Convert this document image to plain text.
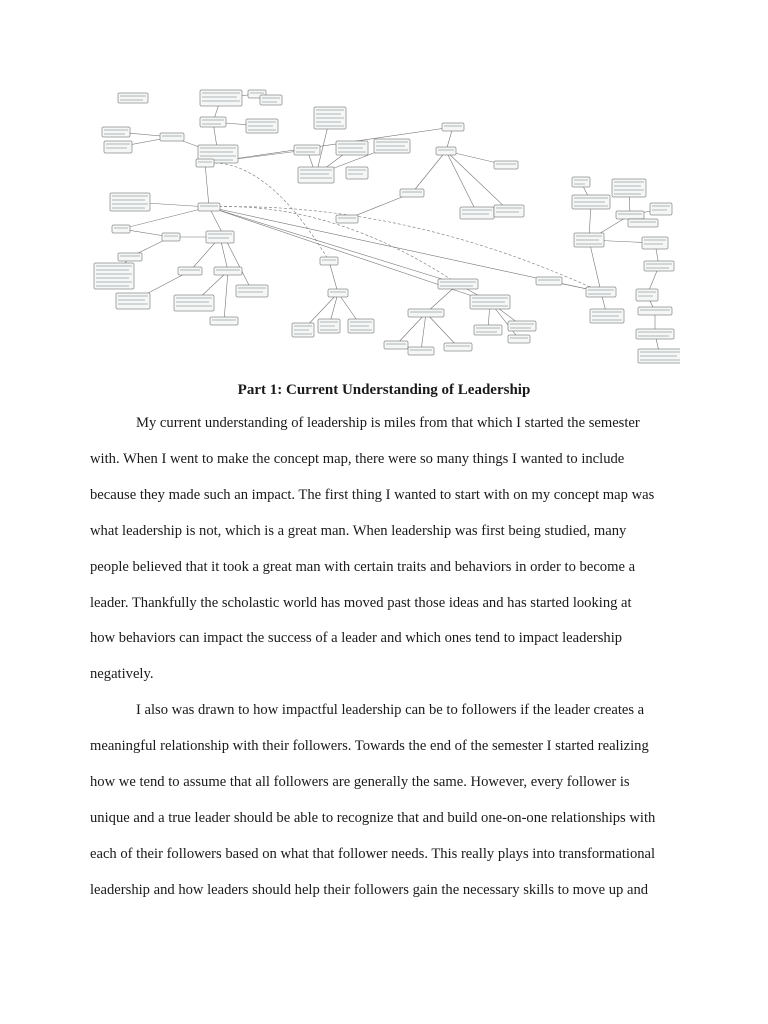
Part 1: Current Understanding of Leadership

My current understanding of leadership is miles from that which I started the semester
with. When I went to make the concept map, there were so many things I wanted to include
because they made such an impact. The first thing I wanted to start with on my concept map was
what leadership is not, which is a great man. When leadership was first being studied, many
people believed that it took a great man with certain traits and behaviors in order to become a
leader. Thankfully the scholastic world has moved past those ideas and has started looking at
how behaviors can impact the success of a leader and which ones tend to impact leadership
negatively.

I also was drawn to how impactful leadership can be to followers if the leader creates a
meaningful relationship with their followers. Towards the end of the semester I started realizing
how we tend to assume that all followers are generally the same. However, every follower is
unique and a true leader should be able to recognize that and build one-on-one relationships with
each of their followers based on what that follower needs. This really plays into transformational
leadership and how leaders should help their followers gain the necessary skills to move up and
